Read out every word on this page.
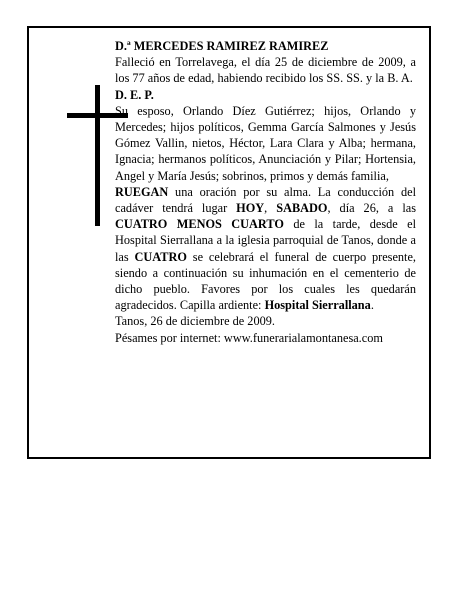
D.ª MERCEDES RAMIREZ RAMIREZ

Falleció en Torrelavega, el día 25 de diciembre de 2009, a los 77 años de edad, habiendo recibido los SS. SS. y la B. A.

D. E. P.

Su esposo, Orlando Díez Gutiérrez; hijos, Orlando y Mercedes; hijos políticos, Gemma García Salmones y Jesús Gómez Vallin, nietos, Héctor, Lara Clara y Alba; hermana, Ignacia; hermanos políticos, Anunciación y Pilar; Hortensia, Angel y María Jesús; sobrinos, primos y demás familia,

RUEGAN una oración por su alma. La conducción del cadáver tendrá lugar HOY, SABADO, día 26, a las CUATRO MENOS CUARTO de la tarde, desde el Hospital Sierrallana a la iglesia parroquial de Tanos, donde a las CUATRO se celebrará el funeral de cuerpo presente, siendo a continuación su inhumación en el cementerio de dicho pueblo. Favores por los cuales les quedarán agradecidos. Capilla ardiente: Hospital Sierrallana.

Tanos, 26 de diciembre de 2009.

Pésames por internet: www.funerarialamontanesa.com
